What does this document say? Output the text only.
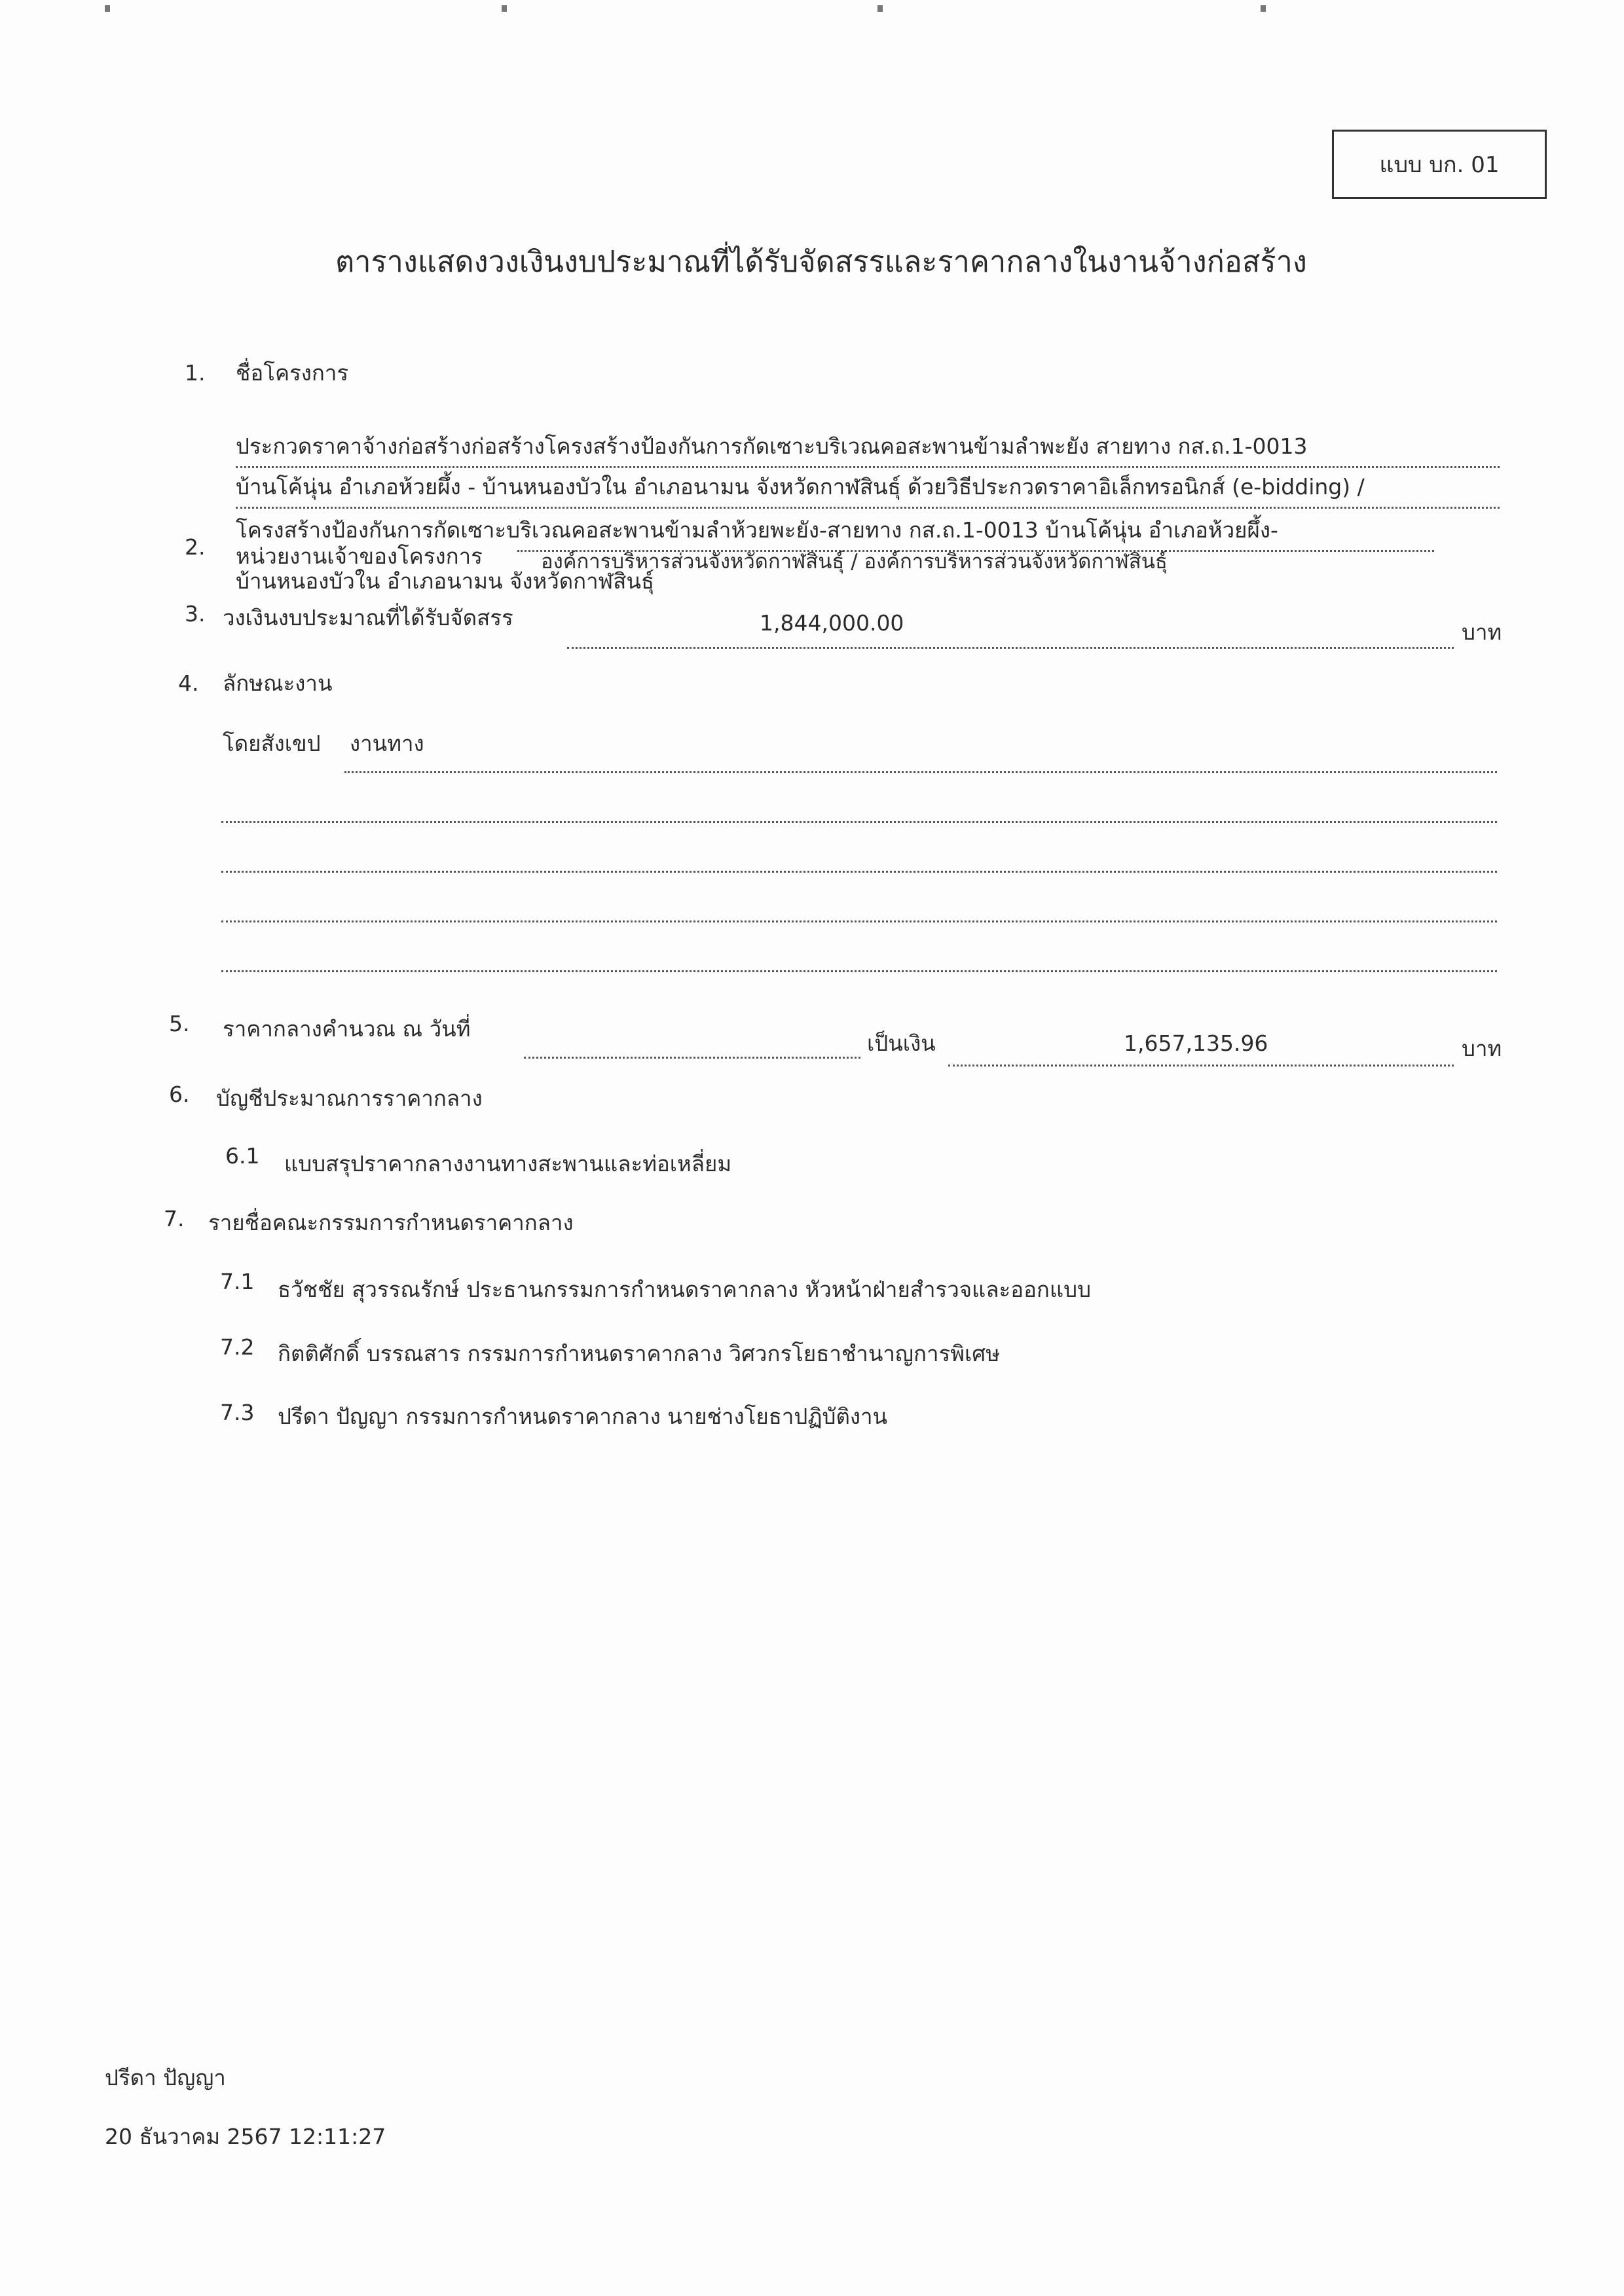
แบบ บก. 01
ตารางแสดงวงเงินงบประมาณที่ได้รับจัดสรรและราคากลางในงานจ้างก่อสร้าง
1. ชื่อโครงการ
ประกวดราคาจ้างก่อสร้างก่อสร้างโครงสร้างป้องกันการกัดเซาะบริเวณคอสะพานข้ามลำพะยัง สายทาง กส.ถ.1-0013
บ้านโค้นุ่น อำเภอห้วยผึ้ง - บ้านหนองบัวใน อำเภอนามน จังหวัดกาฬสินธุ์ ด้วยวิธีประกวดราคาอิเล็กทรอนิกส์ (e-bidding) /
โครงสร้างป้องกันการกัดเซาะบริเวณคอสะพานข้ามลำห้วยพะยัง-สายทาง กส.ถ.1-0013 บ้านโค้นุ่น อำเภอห้วยผึ้ง-
2. หน่วยงานเจ้าของโครงการ	องค์การบริหารส่วนจังหวัดกาฬสินธุ์ / องค์การบริหารส่วนจังหวัดกาฬสินธุ์
บ้านหนองบัวใน อำเภอนามน จังหวัดกาฬสินธุ์
3. วงเงินงบประมาณที่ได้รับจัดสรร	1,844,000.00	บาท
4. ลักษณะงาน
โดยสังเขป งานทาง
5. ราคากลางคำนวณ ณ วันที่
เป็นเงิน	1,657,135.96	บาท
6. บัญชีประมาณการราคากลาง
6.1 แบบสรุปราคากลางงานทางสะพานและท่อเหลี่ยม
7. รายชื่อคณะกรรมการกำหนดราคากลาง
7.1 ธวัชชัย สุวรรณรักษ์ ประธานกรรมการกำหนดราคากลาง หัวหน้าฝ่ายสำรวจและออกแบบ
7.2 กิตติศักดิ์ บรรณสาร กรรมการกำหนดราคากลาง วิศวกรโยธาชำนาญการพิเศษ
7.3 ปรีดา ปัญญา กรรมการกำหนดราคากลาง นายช่างโยธาปฏิบัติงาน
ปรีดา ปัญญา
20 ธันวาคม 2567 12:11:27
